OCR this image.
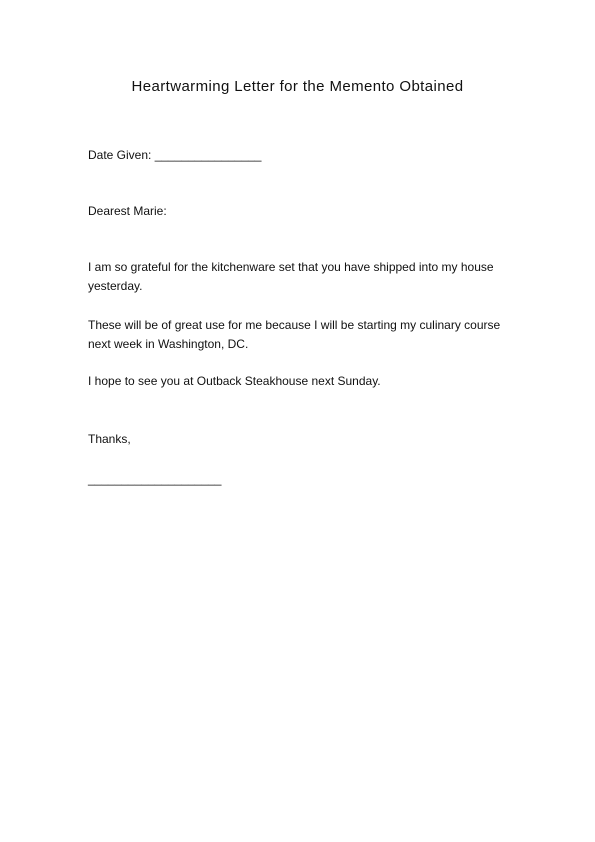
Heartwarming Letter for the Memento Obtained
Date Given: ________________
Dearest Marie:
I am so grateful for the kitchenware set that you have shipped into my house yesterday.
These will be of great use for me because I will be starting my culinary course next week in Washington, DC.
I hope to see you at Outback Steakhouse next Sunday.
Thanks,
____________________
